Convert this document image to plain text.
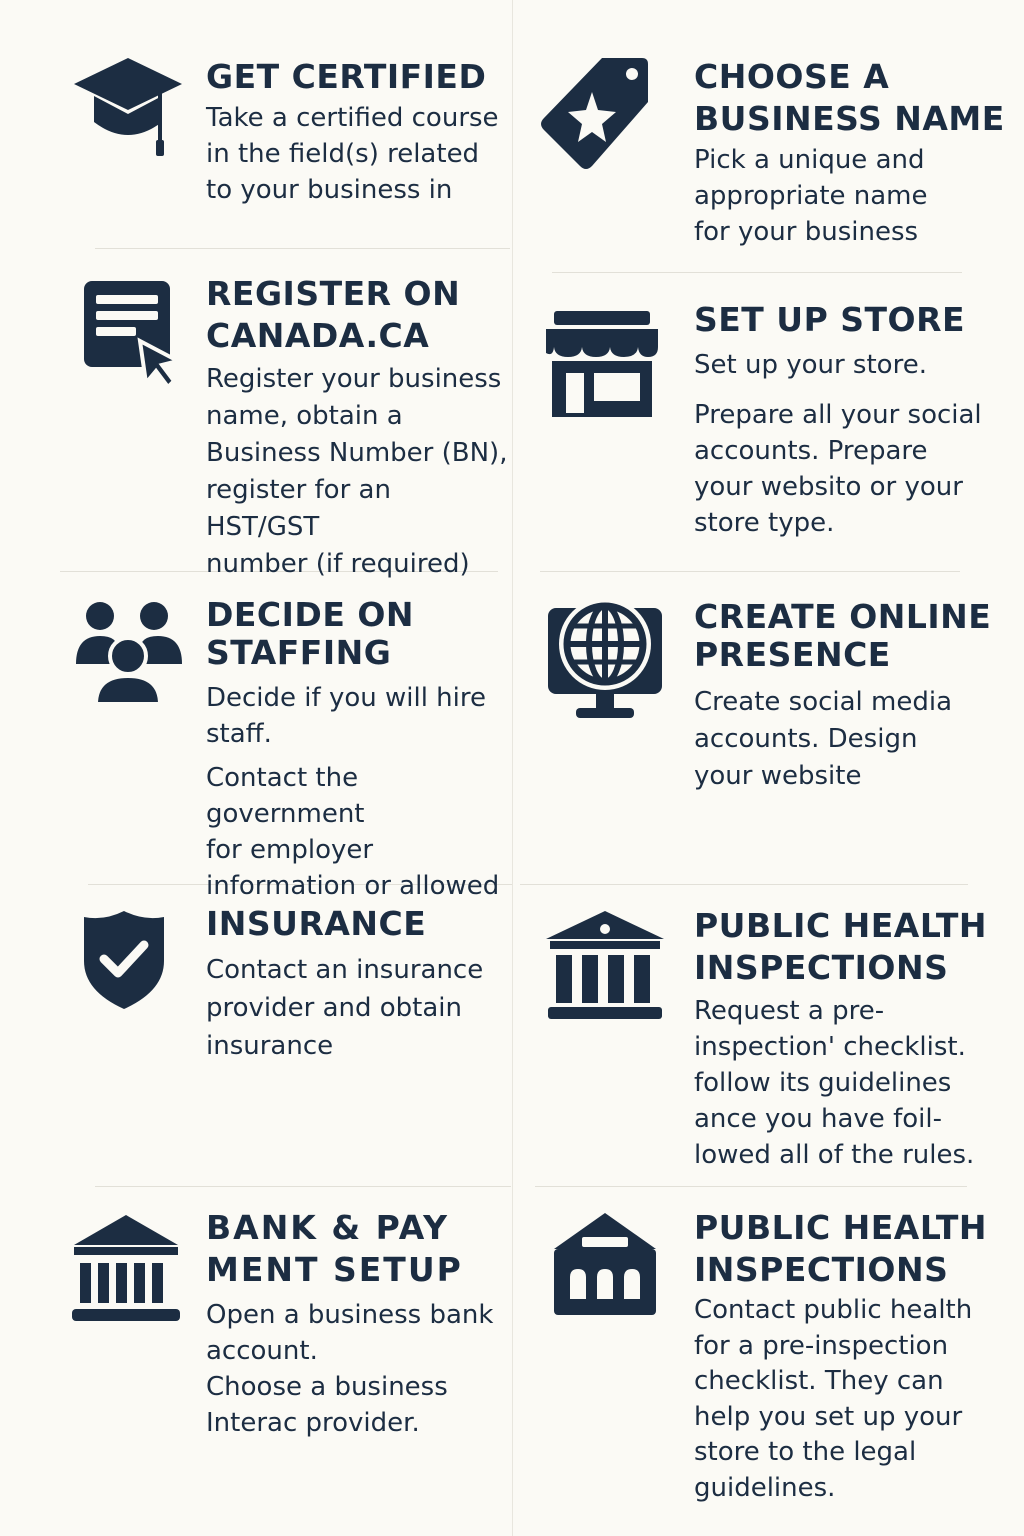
GET CERTIFIED

Take a certified course
in the field(s) related
to your business in

CHOOSE A
BUSINESS NAME

Pick a unique and
appropriate name
for your business

REGISTER ON
CANADA.CA

Register your business
name, obtain a
Business Number (BN),
register for an HST/GST
number (if required)

SET UP STORE

Set up your store.

Prepare all your social
accounts. Prepare
your websito or your
store type.

DECIDE ON
STAFFING

Decide if you will hire
staff.

Contact the government
for employer
information or allowed

CREATE ONLINE
PRESENCE

Create social media
accounts. Design
your website

INSURANCE

Contact an insurance
provider and obtain
insurance

PUBLIC HEALTH
INSPECTIONS

Request a pre-
inspection' checklist.
follow its guidelines
ance you have foil-
lowed all of the rules.

BANK & PAY
MENT SETUP

Open a business bank
account.
Choose a business
Interac provider.

PUBLIC HEALTH
INSPECTIONS

Contact public health
for a pre-inspection
checklist. They can
help you set up your
store to the legal
guidelines.
